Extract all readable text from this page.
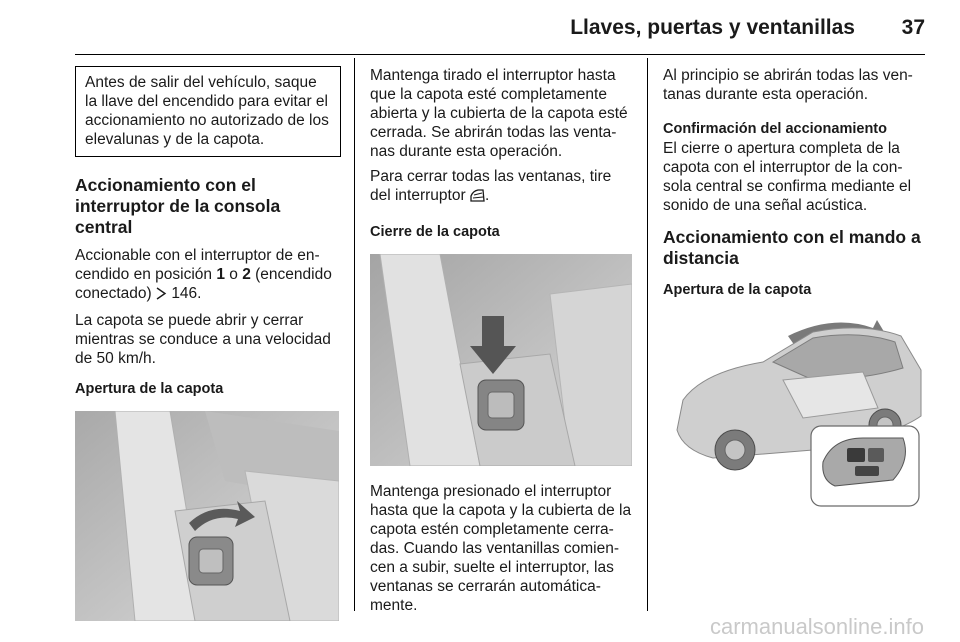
Llaves, puertas y ventanillas 37
Antes de salir del vehículo, saque la llave del encendido para evitar el accionamiento no autorizado de los elevalunas y de la capota.
Accionamiento con el interruptor de la consola central

Accionable con el interruptor de en- cendido en posición 1 o 2 (encendido conectado)  146.

La capota se puede abrir y cerrar mientras se conduce a una velocidad de 50 km/h.

Apertura de la capota

Mantenga tirado el interruptor hasta que la capota esté completamente abierta y la cubierta de la capota esté cerrada. Se abrirán todas las venta- nas durante esta operación.

Para cerrar todas las ventanas, tire del interruptor .

Cierre de la capota

Mantenga presionado el interruptor hasta que la capota y la cubierta de la capota estén completamente cerra- das. Cuando las ventanillas comien- cen a subir, suelte el interruptor, las ventanas se cerrarán automática- mente.

Al principio se abrirán todas las ven- tanas durante esta operación.

Confirmación del accionamiento

El cierre o apertura completa de la capota con el interruptor de la con- sola central se confirma mediante el sonido de una señal acústica.

Accionamiento con el mando a distancia
Apertura de la capota
carmanualsonline.info
